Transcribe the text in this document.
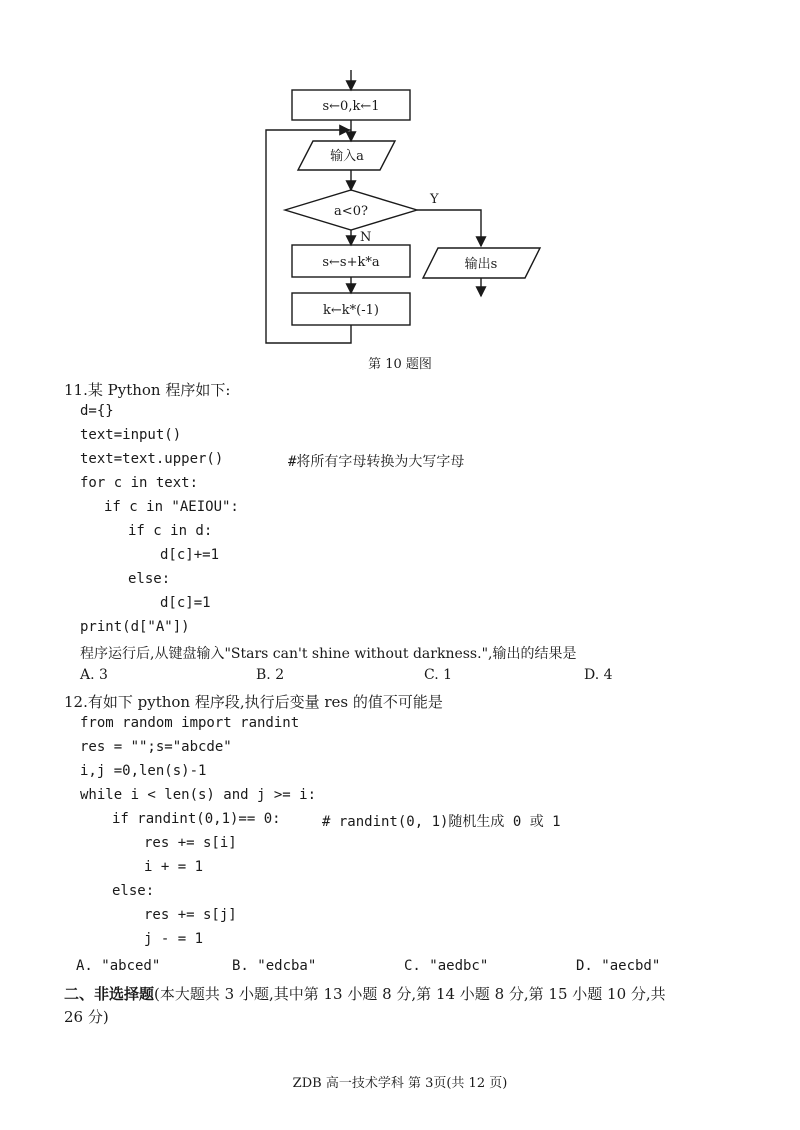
s←0,k←1
输入a
a<0?
Y
N
s←s+k*a
k←k*(-1)
输出s
第 10 题图
11.某 Python 程序如下:
d={}
text=input()
text=text.upper()	#将所有字母转换为大写字母
for c in text:
if c in "AEIOU":
if c in d:
d[c]+=1
else:
d[c]=1
print(d["A"])
程序运行后,从键盘输入"Stars can't shine without darkness.",输出的结果是
A. 3	B. 2	C. 1	D. 4
12.有如下 python 程序段,执行后变量 res 的值不可能是
from random import randint
res = "";s="abcde"
i,j =0,len(s)-1
while i < len(s) and j >= i:
if randint(0,1)== 0:	# randint(0, 1)随机生成 0 或 1
res += s[i]
i + = 1
else:
res += s[j]
j - = 1
A. "abced"	B. "edcba"	C. "aedbc"	D. "aecbd"
二、非选择题(本大题共 3 小题,其中第 13 小题 8 分,第 14 小题 8 分,第 15 小题 10 分,共
26 分)
ZDB 高一技术学科 第 3页(共 12 页)
